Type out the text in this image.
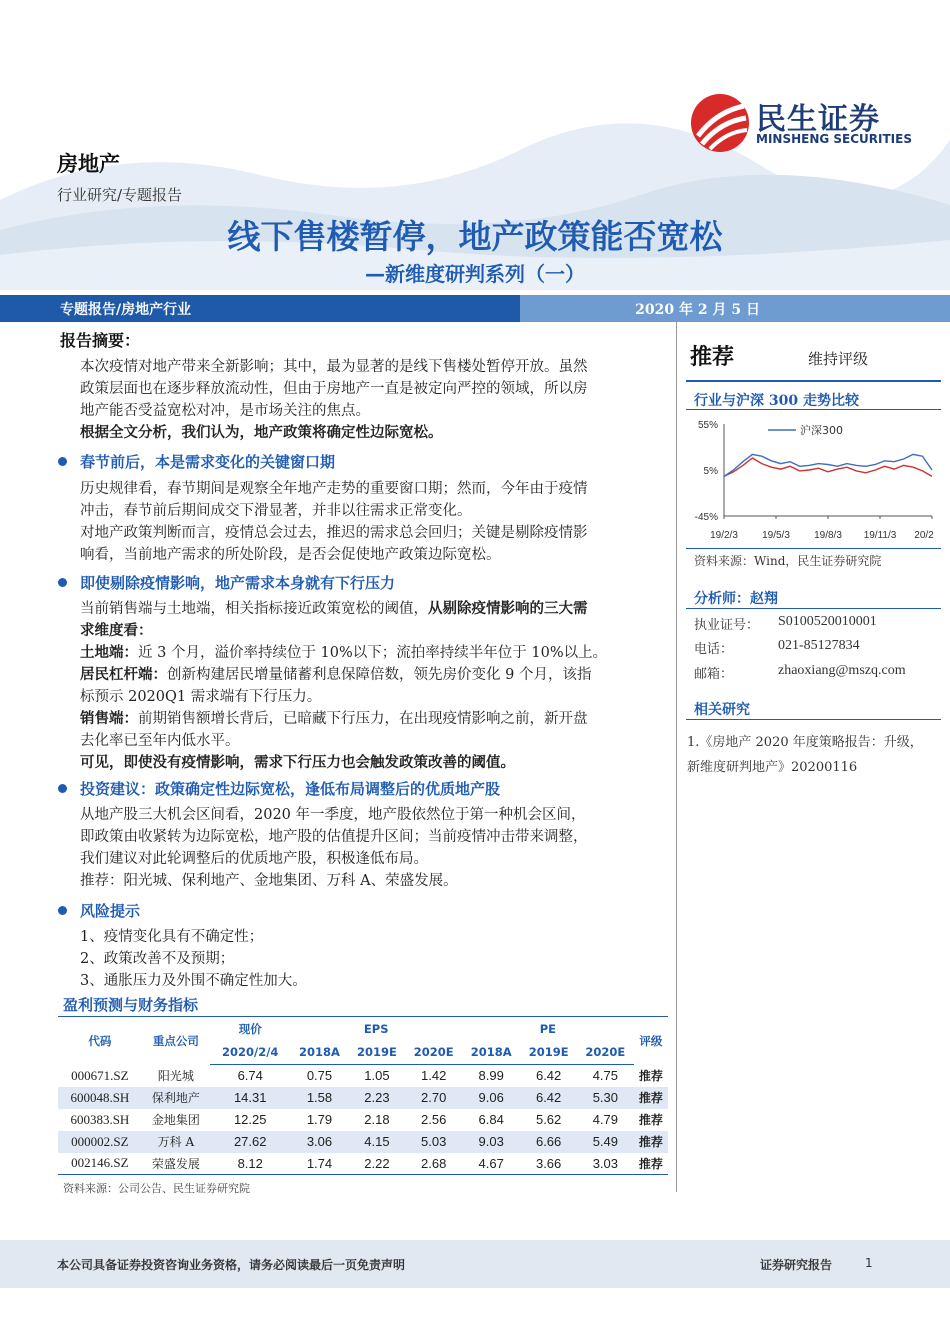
民生证券
MINSHENG SECURITIES
房地产
行业研究/专题报告
线下售楼暂停，地产政策能否宽松
—新维度研判系列（一）
专题报告/房地产行业	2020 年 2 月 5 日
报告摘要：
本次疫情对地产带来全新影响；其中，最为显著的是线下售楼处暂停开放。虽然
政策层面也在逐步释放流动性，但由于房地产一直是被定向严控的领域，所以房
地产能否受益宽松对冲，是市场关注的焦点。
根据全文分析，我们认为，地产政策将确定性边际宽松。
春节前后，本是需求变化的关键窗口期
历史规律看，春节期间是观察全年地产走势的重要窗口期；然而，今年由于疫情
冲击，春节前后期间成交下滑显著，并非以往需求正常变化。
对地产政策判断而言，疫情总会过去，推迟的需求总会回归；关键是剔除疫情影
响看，当前地产需求的所处阶段，是否会促使地产政策边际宽松。
即使剔除疫情影响，地产需求本身就有下行压力
当前销售端与土地端，相关指标接近政策宽松的阈值，从剔除疫情影响的三大需
求维度看：
土地端：近 3 个月，溢价率持续位于 10%以下；流拍率持续半年位于 10%以上。
居民杠杆端：创新构建居民增量储蓄利息保障倍数，领先房价变化 9 个月，该指
标预示 2020Q1 需求端有下行压力。
销售端：前期销售额增长背后，已暗藏下行压力，在出现疫情影响之前，新开盘
去化率已至年内低水平。
可见，即使没有疫情影响，需求下行压力也会触发政策改善的阈值。
投资建议：政策确定性边际宽松，逢低布局调整后的优质地产股
从地产股三大机会区间看，2020 年一季度，地产股依然位于第一种机会区间，
即政策由收紧转为边际宽松，地产股的估值提升区间；当前疫情冲击带来调整，
我们建议对此轮调整后的优质地产股，积极逢低布局。
推荐：阳光城、保利地产、金地集团、万科 A、荣盛发展。
风险提示
1、疫情变化具有不确定性；
2、政策改善不及预期；
3、通胀压力及外围不确定性加大。
推荐	维持评级
行业与沪深 300 走势比较
55%
5%
-45%
19/2/3 19/5/3 19/8/3 19/11/3 20/2
沪深300
资料来源：Wind，民生证券研究院
分析师：赵翔
执业证号： S0100520010001
电话：	021-85127834
邮箱：	zhaoxiang@mszq.com
相关研究
1.《房地产 2020 年度策略报告：升级，
新维度研判地产》20200116
盈利预测与财务指标
代码	重点公司	现价	EPS			PE			评级
		2020/2/4	2018A	2019E	2020E	2018A	2019E	2020E	
000671.SZ	阳光城	6.74	0.75	1.05	1.42	8.99	6.42	4.75	推荐
600048.SH	保利地产	14.31	1.58	2.23	2.70	9.06	6.42	5.30	推荐
600383.SH	金地集团	12.25	1.79	2.18	2.56	6.84	5.62	4.79	推荐
000002.SZ	万科 A	27.62	3.06	4.15	5.03	9.03	6.66	5.49	推荐
002146.SZ	荣盛发展	8.12	1.74	2.22	2.68	4.67	3.66	3.03	推荐
资料来源：公司公告、民生证券研究院
本公司具备证券投资咨询业务资格，请务必阅读最后一页免责声明	证券研究报告	1
